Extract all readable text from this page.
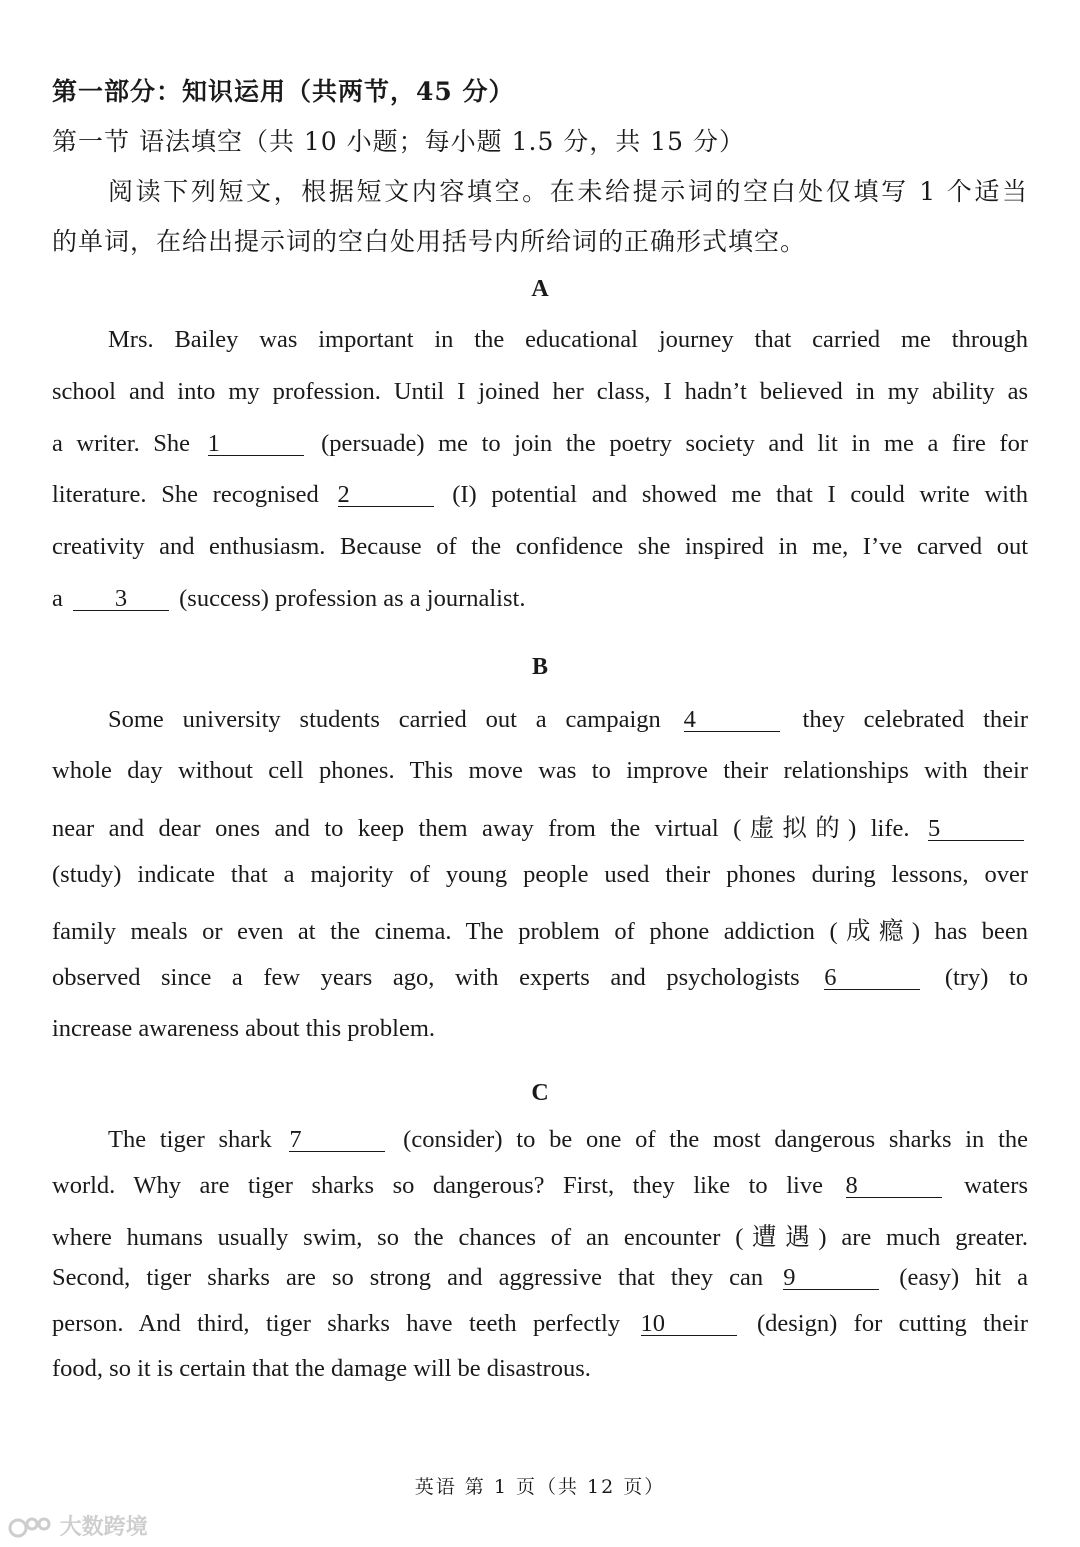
第一部分：知识运用（共两节，45 分）
第一节 语法填空（共 10 小题；每小题 1.5 分，共 15 分）
阅读下列短文，根据短文内容填空。在未给提示词的空白处仅填写 1 个适当
的单词，在给出提示词的空白处用括号内所给词的正确形式填空。
A
Mrs. Bailey was important in the educational journey that carried me through
school and into my profession. Until I joined her class, I hadn’t believed in my ability as
a writer. She 1	(persuade) me to join the poetry society and lit in me a fire for
literature. She recognised 2	(I) potential and showed me that I could write with
creativity and enthusiasm. Because of the confidence she inspired in me, I’ve carved out
a 3 (success) profession as a journalist.
B
Some university students carried out a campaign 4	they celebrated their
whole day without cell phones. This move was to improve their relationships with their
near and dear ones and to keep them away from the virtual (虚拟的) life. 5
(study) indicate that a majority of young people used their phones during lessons, over
family meals or even at the cinema. The problem of phone addiction (成瘾) has been
observed since a few years ago, with experts and psychologists 6	(try) to
increase awareness about this problem.
C
The tiger shark 7	(consider) to be one of the most dangerous sharks in the
world. Why are tiger sharks so dangerous? First, they like to live 8	waters
where humans usually swim, so the chances of an encounter (遭遇) are much greater.
Second, tiger sharks are so strong and aggressive that they can 9	(easy) hit a
person. And third, tiger sharks have teeth perfectly 10	(design) for cutting their
food, so it is certain that the damage will be disastrous.
英语 第 1 页（共 12 页）
大数跨境
